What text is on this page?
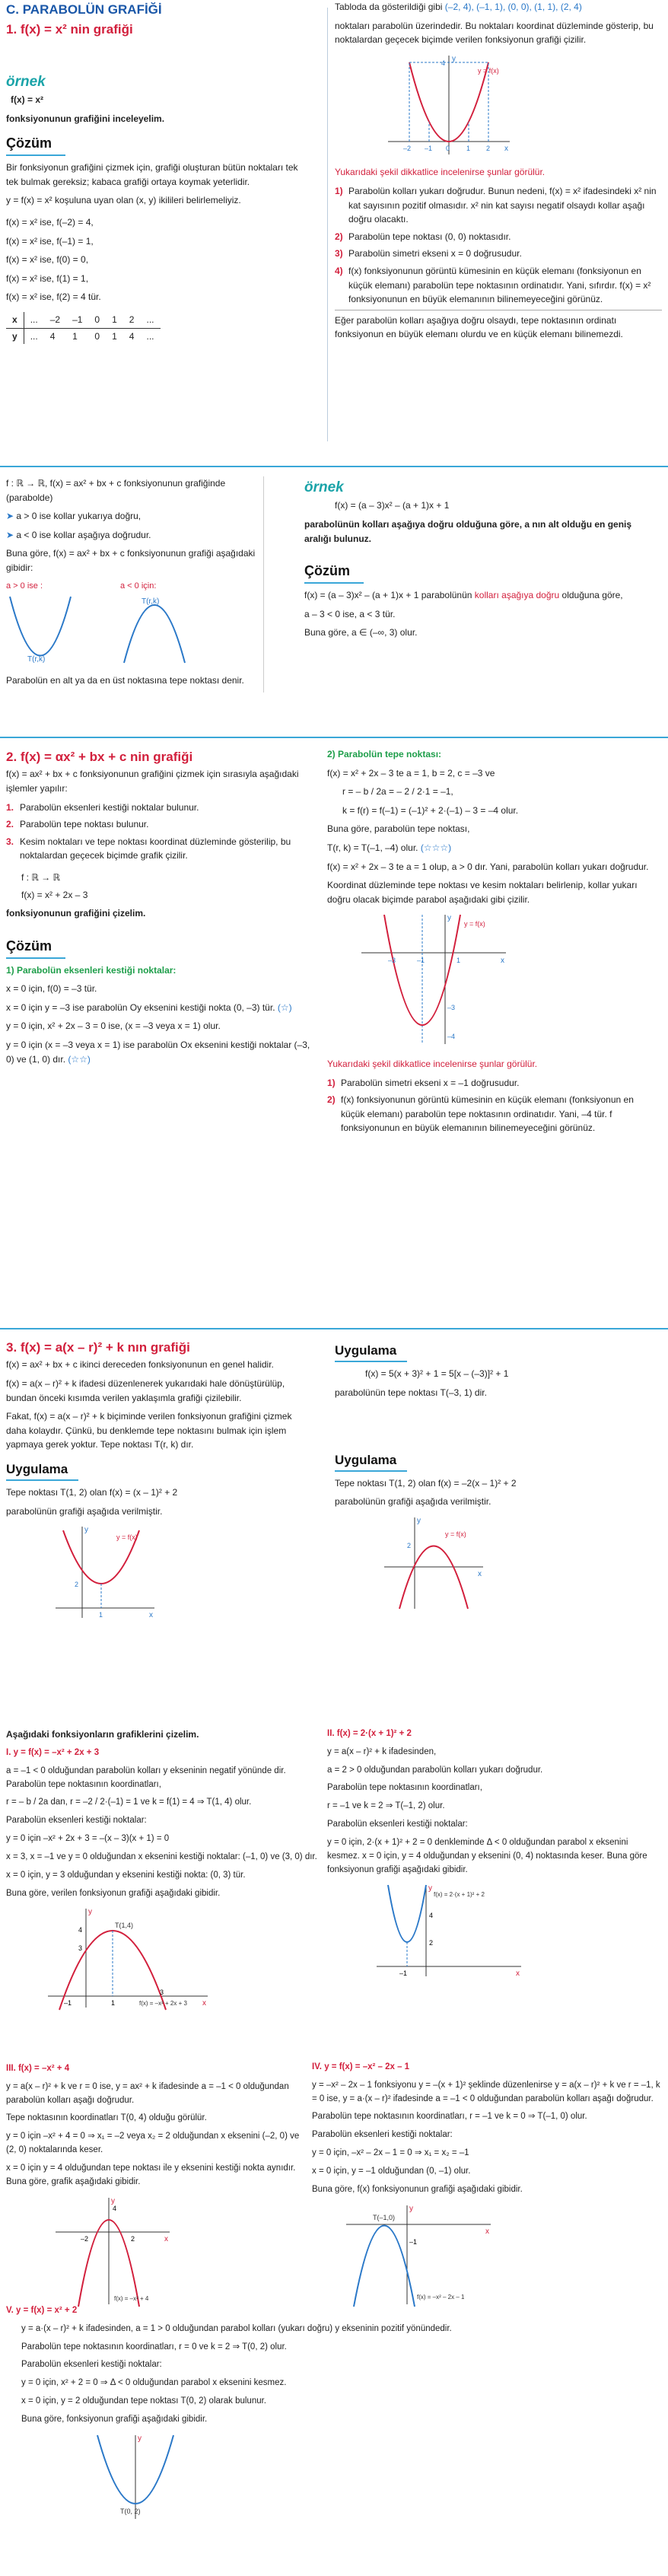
C. PARABOLÜN GRAFİĞİ
1. f(x) = x² nin grafiği
örnek
f(x) = x²
fonksiyonunun grafiğini inceleyelim.
Çözüm
Bir fonksiyonun grafiğini çizmek için, grafiği oluşturan bütün noktaları tek tek bulmak gereksiz; kabaca grafiği ortaya koymak yeterlidir.
y = f(x) = x² koşuluna uyan olan (x, y) ikilileri belirlemeliyiz.
f(x) = x² ise, f(–2) = 4,
f(x) = x² ise, f(–1) = 1,
f(x) = x² ise, f(0) = 0,
f(x) = x² ise, f(1) = 1,
f(x) = x² ise, f(2) = 4 tür.
x	...	–2	–1	0	1	2	...
y	...	4	1	0	1	4	...
Tabloda da gösterildiği gibi (–2, 4), (–1, 1), (0, 0), (1, 1), (2, 4)
noktaları parabolün üzerindedir. Bu noktaları koordinat düzleminde gösterip, bu noktalardan geçecek biçimde verilen fonksiyonun grafiği çizilir.
y = f(x)
y
x
–2 –1 0 1 2
4
Yukarıdaki şekil dikkatlice incelenirse şunlar görülür.
1) Parabolün kolları yukarı doğrudur. Bunun nedeni, f(x) = x² ifadesindeki x² nin kat sayısının pozitif olmasıdır. x² nin kat sayısı negatif olsaydı kollar aşağı doğru olacaktı.
2) Parabolün tepe noktası (0, 0) noktasıdır.
3) Parabolün simetri ekseni x = 0 doğrusudur.
4) f(x) fonksiyonunun görüntü kümesinin en küçük elemanı (fonksiyonun en küçük elemanı) parabolün tepe noktasının ordinatıdır. Yani, sıfırdır. f(x) = x² fonksiyonunun en büyük elemanının bilinemeyeceğini görünüz.
Eğer parabolün kolları aşağıya doğru olsaydı, tepe noktasının ordinatı fonksiyonun en büyük elemanı olurdu ve en küçük elemanı bilinemezdi.
f : ℝ → ℝ, f(x) = ax² + bx + c fonksiyonunun grafiğinde (parabolde)
➤ a > 0 ise kollar yukarıya doğru,
➤ a < 0 ise kollar aşağıya doğrudur.
Buna göre, f(x) = ax² + bx + c fonksiyonunun grafiği aşağıdaki gibidir:
a > 0 ise :
T(r,k)
a < 0 için:
T(r,k)
Parabolün en alt ya da en üst noktasına tepe noktası denir.
örnek
f(x) = (a – 3)x² – (a + 1)x + 1
parabolünün kolları aşağıya doğru olduğuna göre, a nın alt olduğu en geniş aralığı bulunuz.
Çözüm
f(x) = (a – 3)x² – (a + 1)x + 1 parabolünün kolları aşağıya doğru olduğuna göre,
a – 3 < 0 ise, a < 3 tür.
Buna göre, a ∈ (–∞, 3) olur.
2. f(x) = αx² + bx + c nin grafiği
f(x) = ax² + bx + c fonksiyonunun grafiğini çizmek için sırasıyla aşağıdaki işlemler yapılır:
1. Parabolün eksenleri kestiği noktalar bulunur.
2. Parabolün tepe noktası bulunur.
3. Kesim noktaları ve tepe noktası koordinat düzleminde gösterilip, bu noktalardan geçecek biçimde grafik çizilir.
f : ℝ → ℝ
f(x) = x² + 2x – 3
fonksiyonunun grafiğini çizelim.
Çözüm
1) Parabolün eksenleri kestiği noktalar:
x = 0 için, f(0) = –3 tür.
x = 0 için y = –3 ise parabolün Oy eksenini kestiği nokta (0, –3) tür. (☆)
y = 0 için, x² + 2x – 3 = 0 ise, (x = –3 veya x = 1) olur.
y = 0 için (x = –3 veya x = 1) ise parabolün Ox eksenini kestiği noktalar (–3, 0) ve (1, 0) dır. (☆☆)
2) Parabolün tepe noktası:
f(x) = x² + 2x – 3 te a = 1, b = 2, c = –3 ve
r = – b / 2a = – 2 / 2·1 = –1,
k = f(r) = f(–1) = (–1)² + 2·(–1) – 3 = –4 olur.
Buna göre, parabolün tepe noktası,
T(r, k) = T(–1, –4) olur. (☆☆☆)
f(x) = x² + 2x – 3 te a = 1 olup, a > 0 dır. Yani, parabolün kolları yukarı doğrudur.
Koordinat düzleminde tepe noktası ve kesim noktaları belirlenip, kollar yukarı doğru olacak biçimde parabol aşağıdaki gibi çizilir.
y = f(x)
y
x
–3	–1	1
–3
–4
Yukarıdaki şekil dikkatlice incelenirse şunlar görülür.
1) Parabolün simetri ekseni x = –1 doğrusudur.
2) f(x) fonksiyonunun görüntü kümesinin en küçük elemanı (fonksiyonun en küçük elemanı) parabolün tepe noktasının ordinatıdır. Yani, –4 tür. f fonksiyonunun en büyük elemanının bilinemeyeceğini görünüz.
3. f(x) = a(x – r)² + k nın grafiği
f(x) = ax² + bx + c ikinci dereceden fonksiyonunun en genel halidir.
f(x) = a(x – r)² + k ifadesi düzenlenerek yukarıdaki hale dönüştürülüp, bundan önceki kısımda verilen yaklaşımla grafiği çizilebilir.
Fakat, f(x) = a(x – r)² + k biçiminde verilen fonksiyonun grafiğini çizmek daha kolaydır. Çünkü, bu denklemde tepe noktasını bulmak için işlem yapmaya gerek yoktur. Tepe noktası T(r, k) dır.
Uygulama
Tepe noktası T(1, 2) olan f(x) = (x – 1)² + 2
parabolünün grafiği aşağıda verilmiştir.
y = f(x)
x
y
1
2
Uygulama
f(x) = 5(x + 3)² + 1 = 5[x – (–3)]² + 1
parabolünün tepe noktası T(–3, 1) dir.
Uygulama
Tepe noktası T(1, 2) olan f(x) = –2(x – 1)² + 2
parabolünün grafiği aşağıda verilmiştir.
y = f(x)
x
y
2
Aşağıdaki fonksiyonların grafiklerini çizelim.
I. y = f(x) = –x² + 2x + 3
a = –1 < 0 olduğundan parabolün kolları y ekseninin negatif yönünde dir. Parabolün tepe noktasının koordinatları,
r = – b / 2a dan, r = –2 / 2·(–1) = 1 ve k = f(1) = 4 ⇒ T(1, 4) olur.
Parabolün eksenleri kestiği noktalar:
y = 0 için –x² + 2x + 3 = –(x – 3)(x + 1) = 0
x = 3, x = –1 ve y = 0 olduğundan x eksenini kestiği noktalar: (–1, 0) ve (3, 0) dır.
x = 0 için, y = 3 olduğundan y eksenini kestiği nokta: (0, 3) tür.
Buna göre, verilen fonksiyonun grafiği aşağıdaki gibidir.
T(1,4)
f(x) = –x² + 2x + 3 x
y
4
3
–1	1
3
II. f(x) = 2·(x + 1)² + 2
y = a(x – r)² + k ifadesinden,
a = 2 > 0 olduğundan parabolün kolları yukarı doğrudur.
Parabolün tepe noktasının koordinatları,
r = –1 ve k = 2 ⇒ T(–1, 2) olur.
Parabolün eksenleri kestiği noktalar:
y = 0 için, 2·(x + 1)² + 2 = 0 denkleminde Δ < 0 olduğundan parabol x eksenini kesmez. x = 0 için, y = 4 olduğundan y eksenini (0, 4) noktasında keser. Buna göre fonksiyonun grafiği aşağıdaki gibidir.
f(x) = 2·(x + 1)² + 2
x
y
4
2
–1
III. f(x) = –x² + 4
y = a(x – r)² + k ve r = 0 ise, y = ax² + k ifadesinde a = –1 < 0 olduğundan parabolün kolları aşağı doğrudur.
Tepe noktasının koordinatları T(0, 4) olduğu görülür.
y = 0 için –x² + 4 = 0 ⇒ x₁ = –2 veya x₂ = 2 olduğundan x eksenini (–2, 0) ve (2, 0) noktalarında keser.
x = 0 için y = 4 olduğundan tepe noktası ile y eksenini kestiği nokta aynıdır. Buna göre, grafik aşağıdaki gibidir.
f(x) = –x² + 4
x
y
4
–2	2
IV. y = f(x) = –x² – 2x – 1
y = –x² – 2x – 1 fonksiyonu y = –(x + 1)² şeklinde düzenlenirse y = a(x – r)² + k ve r = –1, k = 0 ise, y = a·(x – r)² ifadesinde a = –1 < 0 olduğundan parabolün kolları aşağı doğrudur.
Parabolün tepe noktasının koordinatları, r = –1 ve k = 0 ⇒ T(–1, 0) olur.
Parabolün eksenleri kestiği noktalar:
y = 0 için, –x² – 2x – 1 = 0 ⇒ x₁ = x₂ = –1
x = 0 için, y = –1 olduğundan (0, –1) olur.
Buna göre, f(x) fonksiyonunun grafiği aşağıdaki gibidir.
T(–1,0)
f(x) = –x² – 2x – 1
x
y
–1
V. y = f(x) = x² + 2
y = a·(x – r)² + k ifadesinden, a = 1 > 0 olduğundan parabol kolları (yukarı doğru) y ekseninin pozitif yönündedir.
Parabolün tepe noktasının koordinatları, r = 0 ve k = 2 ⇒ T(0, 2) olur.
Parabolün eksenleri kestiği noktalar:
y = 0 için, x² + 2 = 0 ⇒ Δ < 0 olduğundan parabol x eksenini kesmez.
x = 0 için, y = 2 olduğundan tepe noktası T(0, 2) olarak bulunur.
Buna göre, fonksiyonun grafiği aşağıdaki gibidir.
T(0, 2)
y
